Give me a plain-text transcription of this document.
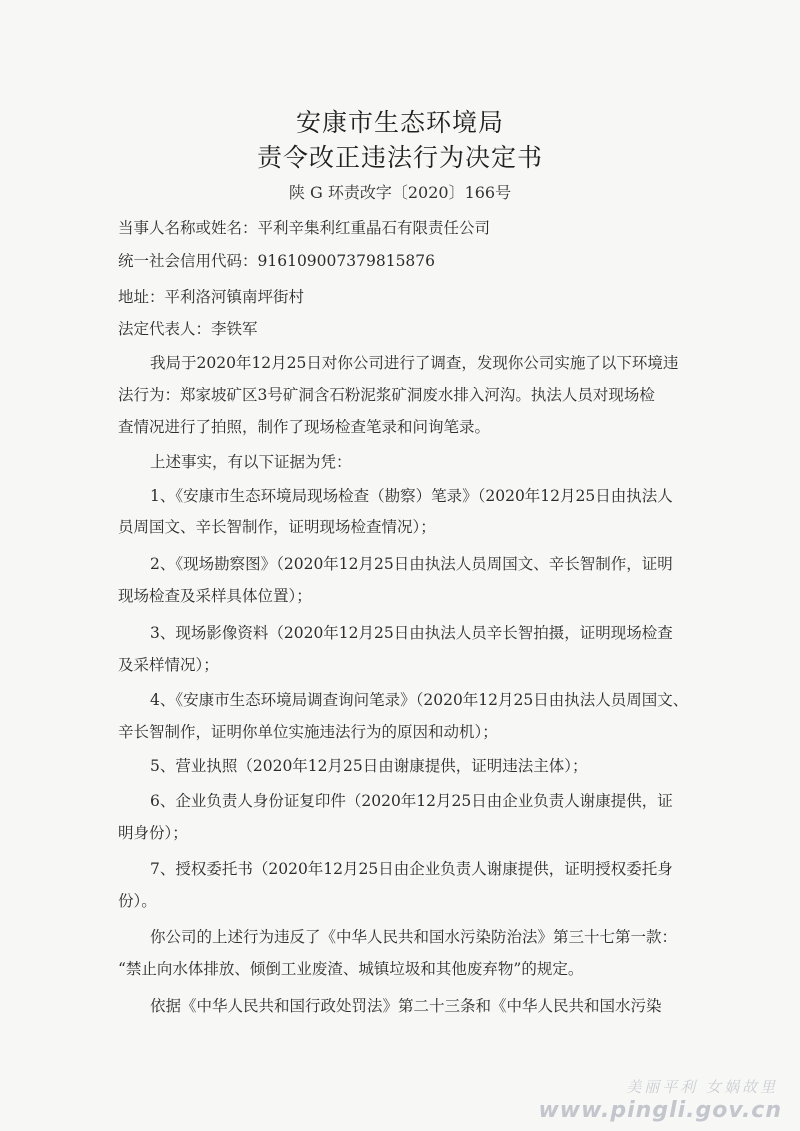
安康市生态环境局
责令改正违法行为决定书
陕 G 环责改字〔2020〕166号
当事人名称或姓名：平利辛集利红重晶石有限责任公司
统一社会信用代码：916109007379815876
地址：平利洛河镇南坪街村
法定代表人：李铁军
我局于2020年12月25日对你公司进行了调查，发现你公司实施了以下环境违
法行为：郑家坡矿区3号矿洞含石粉泥浆矿洞废水排入河沟。执法人员对现场检
查情况进行了拍照，制作了现场检查笔录和问询笔录。
上述事实，有以下证据为凭：
1、《安康市生态环境局现场检查（勘察）笔录》（2020年12月25日由执法人
员周国文、辛长智制作，证明现场检查情况）；
2、《现场勘察图》（2020年12月25日由执法人员周国文、辛长智制作，证明
现场检查及采样具体位置）；
3、现场影像资料（2020年12月25日由执法人员辛长智拍摄，证明现场检查
及采样情况）；
4、《安康市生态环境局调查询问笔录》（2020年12月25日由执法人员周国文、
辛长智制作，证明你单位实施违法行为的原因和动机）；
5、营业执照（2020年12月25日由谢康提供，证明违法主体）；
6、企业负责人身份证复印件（2020年12月25日由企业负责人谢康提供，证
明身份）；
7、授权委托书（2020年12月25日由企业负责人谢康提供，证明授权委托身
份）。
你公司的上述行为违反了《中华人民共和国水污染防治法》第三十七第一款：
“禁止向水体排放、倾倒工业废渣、城镇垃圾和其他废弃物”的规定。
依据《中华人民共和国行政处罚法》第二十三条和《中华人民共和国水污染
美丽平利 女娲故里
www.pingli.gov.cn
